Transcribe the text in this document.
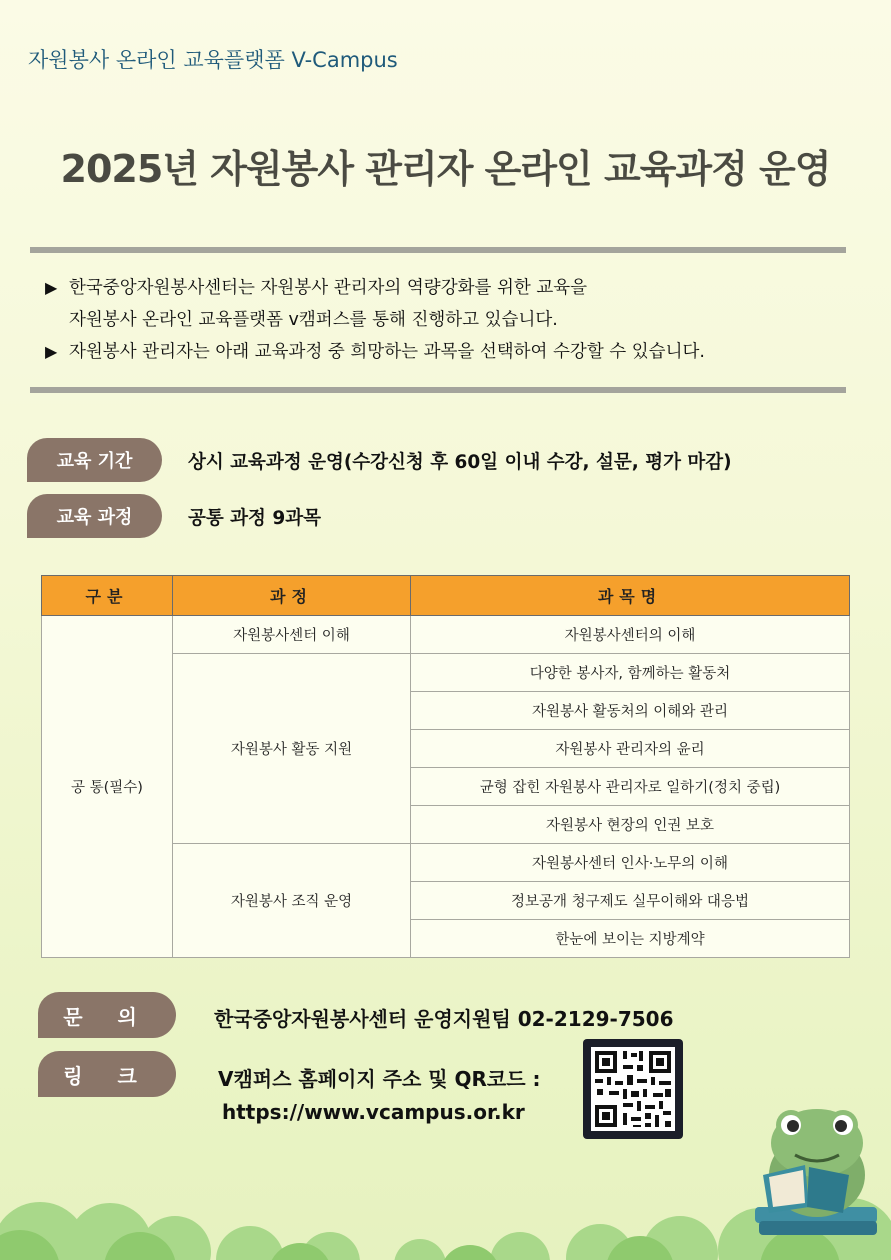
자원봉사 온라인 교육플랫폼 V-Campus
2025년 자원봉사 관리자 온라인 교육과정 운영
▶ 한국중앙자원봉사센터는 자원봉사 관리자의 역량강화를 위한 교육을
자원봉사 온라인 교육플랫폼 v캠퍼스를 통해 진행하고 있습니다.
▶ 자원봉사 관리자는 아래 교육과정 중 희망하는 과목을 선택하여 수강할 수 있습니다.
교육 기간	상시 교육과정 운영(수강신청 후 60일 이내 수강, 설문, 평가 마감)
교육 과정	공통 과정 9과목
구분	과정	과목명
공 통(필수)	자원봉사센터 이해	자원봉사센터의 이해
	자원봉사 활동 지원	다양한 봉사자, 함께하는 활동처
		자원봉사 활동처의 이해와 관리
		자원봉사 관리자의 윤리
		균형 잡힌 자원봉사 관리자로 일하기(정치 중립)
		자원봉사 현장의 인권 보호
	자원봉사 조직 운영	자원봉사센터 인사·노무의 이해
		정보공개 청구제도 실무이해와 대응법
		한눈에 보이는 지방계약
문 의	한국중앙자원봉사센터 운영지원팀 02-2129-7506
링 크	V캠퍼스 홈페이지 주소 및 QR코드 :
https://www.vcampus.or.kr
